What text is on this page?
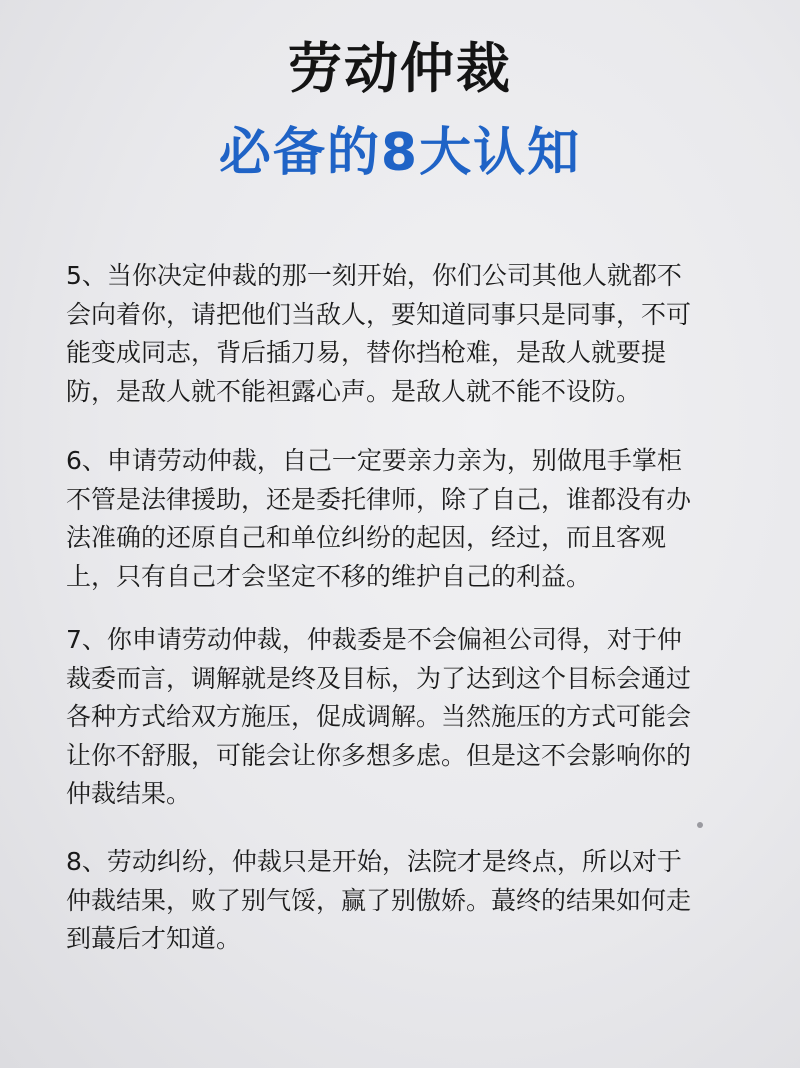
劳动仲裁
必备的8大认知

5、当你决定仲裁的那一刻开始，你们公司其他人就都不
会向着你，请把他们当敌人，要知道同事只是同事，不可
能变成同志，背后插刀易，替你挡枪难，是敌人就要提
防，是敌人就不能袒露心声。是敌人就不能不设防。

6、申请劳动仲裁，自己一定要亲力亲为，别做甩手掌柜
不管是法律援助，还是委托律师，除了自己，谁都没有办
法准确的还原自己和单位纠纷的起因，经过，而且客观
上，只有自己才会坚定不移的维护自己的利益。

7、你申请劳动仲裁，仲裁委是不会偏袒公司得，对于仲
裁委而言，调解就是终及目标，为了达到这个目标会通过
各种方式给双方施压，促成调解。当然施压的方式可能会
让你不舒服，可能会让你多想多虑。但是这不会影响你的
仲裁结果。

8、劳动纠纷，仲裁只是开始，法院才是终点，所以对于
仲裁结果，败了别气馁，赢了别傲娇。蕞终的结果如何走
到蕞后才知道。
